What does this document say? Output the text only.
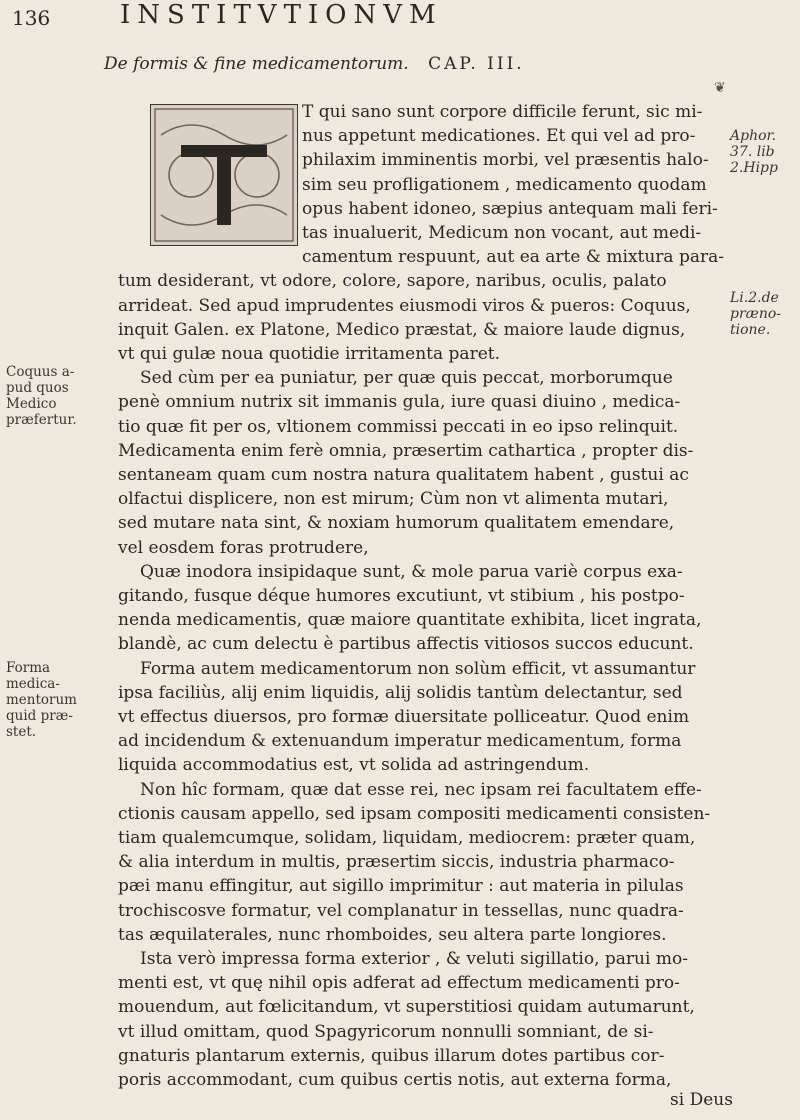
136	INSTITVTIONVM
De formis & fine medicamentorum. CAP. III.
❦
T qui sano sunt corpore difficile ferunt, sic mi-
nus appetunt medicationes. Et qui vel ad pro-
philaxim imminentis morbi, vel præsentis halo-
sim seu profligationem , medicamento quodam
opus habent idoneo, sæpius antequam mali feri-
tas inualuerit, Medicum non vocant, aut medi-
camentum respuunt, aut ea arte & mixtura para-
tum desiderant, vt odore, colore, sapore, naribus, oculis, palato
arrideat. Sed apud imprudentes eiusmodi viros & pueros: Coquus,
inquit Galen. ex Platone, Medico præstat, & maiore laude dignus,
vt qui gulæ noua quotidie irritamenta paret.
Sed cùm per ea puniatur, per quæ quis peccat, morborumque
penè omnium nutrix sit immanis gula, iure quasi diuino , medica-
tio quæ fit per os, vltionem commissi peccati in eo ipso relinquit.
Medicamenta enim ferè omnia, præsertim cathartica , propter dis-
sentaneam quam cum nostra natura qualitatem habent , gustui ac
olfactui displicere, non est mirum; Cùm non vt alimenta mutari,
sed mutare nata sint, & noxiam humorum qualitatem emendare,
vel eosdem foras protrudere,
Quæ inodora insipidaque sunt, & mole parua variè corpus exa-
gitando, fusque déque humores excutiunt, vt stibium , his postpo-
nenda medicamentis, quæ maiore quantitate exhibita, licet ingrata,
blandè, ac cum delectu è partibus affectis vitiosos succos educunt.
Forma autem medicamentorum non solùm efficit, vt assumantur
ipsa faciliùs, alij enim liquidis, alij solidis tantùm delectantur, sed
vt effectus diuersos, pro formæ diuersitate polliceatur. Quod enim
ad incidendum & extenuandum imperatur medicamentum, forma
liquida accommodatius est, vt solida ad astringendum.
Non hîc formam, quæ dat esse rei, nec ipsam rei facultatem effe-
ctionis causam appello, sed ipsam compositi medicamenti consisten-
tiam qualemcumque, solidam, liquidam, mediocrem: præter quam,
& alia interdum in multis, præsertim siccis, industria pharmaco-
pæi manu effingitur, aut sigillo imprimitur : aut materia in pilulas
trochiscosve formatur, vel complanatur in tessellas, nunc quadra-
tas æquilaterales, nunc rhomboides, seu altera parte longiores.
Ista verò impressa forma exterior , & veluti sigillatio, parui mo-
menti est, vt quę nihil opis adferat ad effectum medicamenti pro-
mouendum, aut fœlicitandum, vt superstitiosi quidam autumarunt,
vt illud omittam, quod Spagyricorum nonnulli somniant, de si-
gnaturis plantarum externis, quibus illarum dotes partibus cor-
poris accommodant, cum quibus certis notis, aut externa forma,
Coquus a-
pud quos
Medico
præfertur.
Forma
medica-
mentorum
quid præ-
stet.
Aphor.
37. lib
2.Hipp
Li.2.de
præno-
tione.
si Deus
